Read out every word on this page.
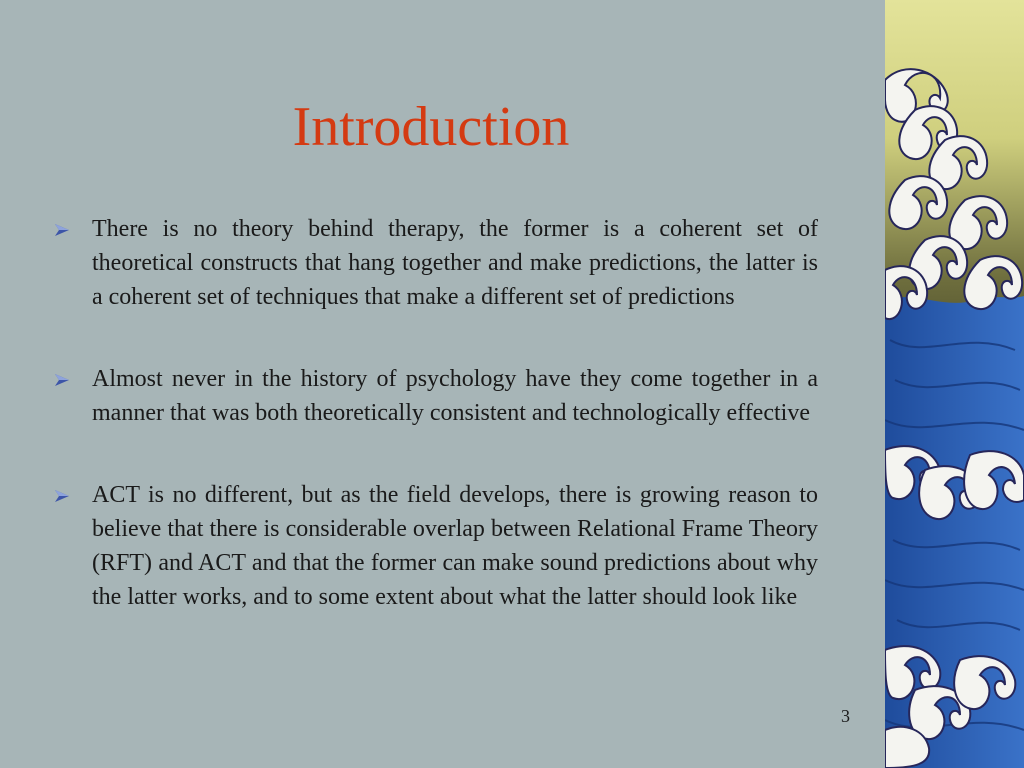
Introduction
There is no theory behind therapy, the former is a coherent set of theoretical constructs that hang together and make predictions, the latter is a coherent set of techniques that make a different set of predictions
Almost never in the history of psychology have they come together in a manner that was both theoretically consistent and technologically effective
ACT is no different, but as the field develops, there is growing reason to believe that there is considerable overlap between Relational Frame Theory (RFT) and ACT and that the former can make sound predictions about why the latter works, and to some extent about what the latter should look like
3
